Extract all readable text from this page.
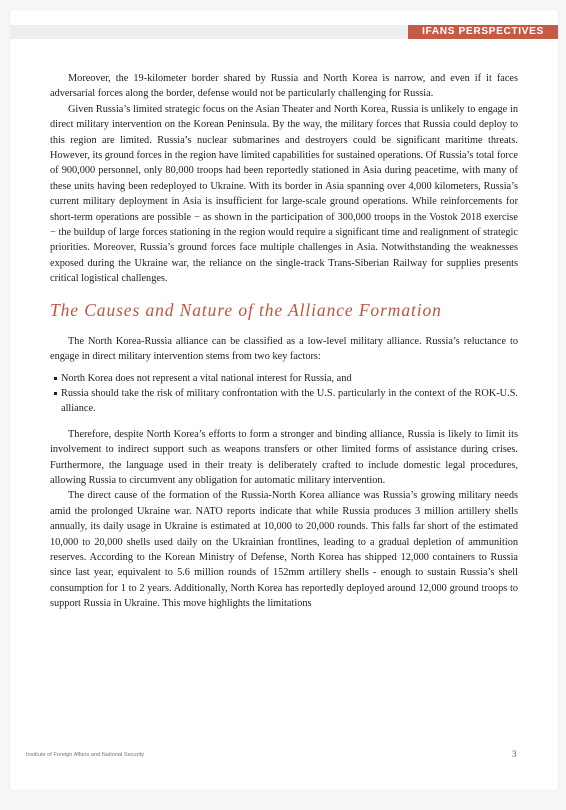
IFANS PERSPECTIVES

Moreover, the 19-kilometer border shared by Russia and North Korea is narrow, and even if it faces adversarial forces along the border, defense would not be particularly challenging for Russia.

Given Russia’s limited strategic focus on the Asian Theater and North Korea, Russia is unlikely to engage in direct military intervention on the Korean Peninsula. By the way, the military forces that Russia could deploy to this region are limited. Russia’s nuclear submarines and destroyers could be significant maritime threats. However, its ground forces in the region have limited capabilities for sustained operations. Of Russia’s total force of 900,000 personnel, only 80,000 troops had been reportedly stationed in Asia during peacetime, with many of these units having been redeployed to Ukraine. With its border in Asia spanning over 4,000 kilometers, Russia’s current military deployment in Asia is insufficient for large-scale ground operations. While reinforcements for short-term operations are possible − as shown in the participation of 300,000 troops in the Vostok 2018 exercise − the buildup of large forces stationing in the region would require a significant time and realignment of strategic priorities. Moreover, Russia’s ground forces face multiple challenges in Asia. Notwithstanding the weaknesses exposed during the Ukraine war, the reliance on the single-track Trans-Siberian Railway for supplies presents critical logistical challenges.

The Causes and Nature of the Alliance Formation

The North Korea-Russia alliance can be classified as a low-level military alliance. Russia’s reluctance to engage in direct military intervention stems from two key factors:

North Korea does not represent a vital national interest for Russia, and
Russia should take the risk of military confrontation with the U.S. particularly in the context of the ROK-U.S. alliance.

Therefore, despite North Korea’s efforts to form a stronger and binding alliance, Russia is likely to limit its involvement to indirect support such as weapons transfers or other limited forms of assistance during crises. Furthermore, the language used in their treaty is deliberately crafted to include domestic legal procedures, allowing Russia to circumvent any obligation for automatic military intervention.

The direct cause of the formation of the Russia-North Korea alliance was Russia’s growing military needs amid the prolonged Ukraine war. NATO reports indicate that while Russia produces 3 million artillery shells annually, its daily usage in Ukraine is estimated at 10,000 to 20,000 rounds. This falls far short of the estimated 10,000 to 20,000 shells used daily on the Ukrainian frontlines, leading to a gradual depletion of ammunition reserves. According to the Korean Ministry of Defense, North Korea has shipped 12,000 containers to Russia since last year, equivalent to 5.6 million rounds of 152mm artillery shells - enough to sustain Russia’s shell consumption for 1 to 2 years. Additionally, North Korea has reportedly deployed around 12,000 ground troops to support Russia in Ukraine. This move highlights the limitations

Institute of Foreign Affairs and National Security	3
